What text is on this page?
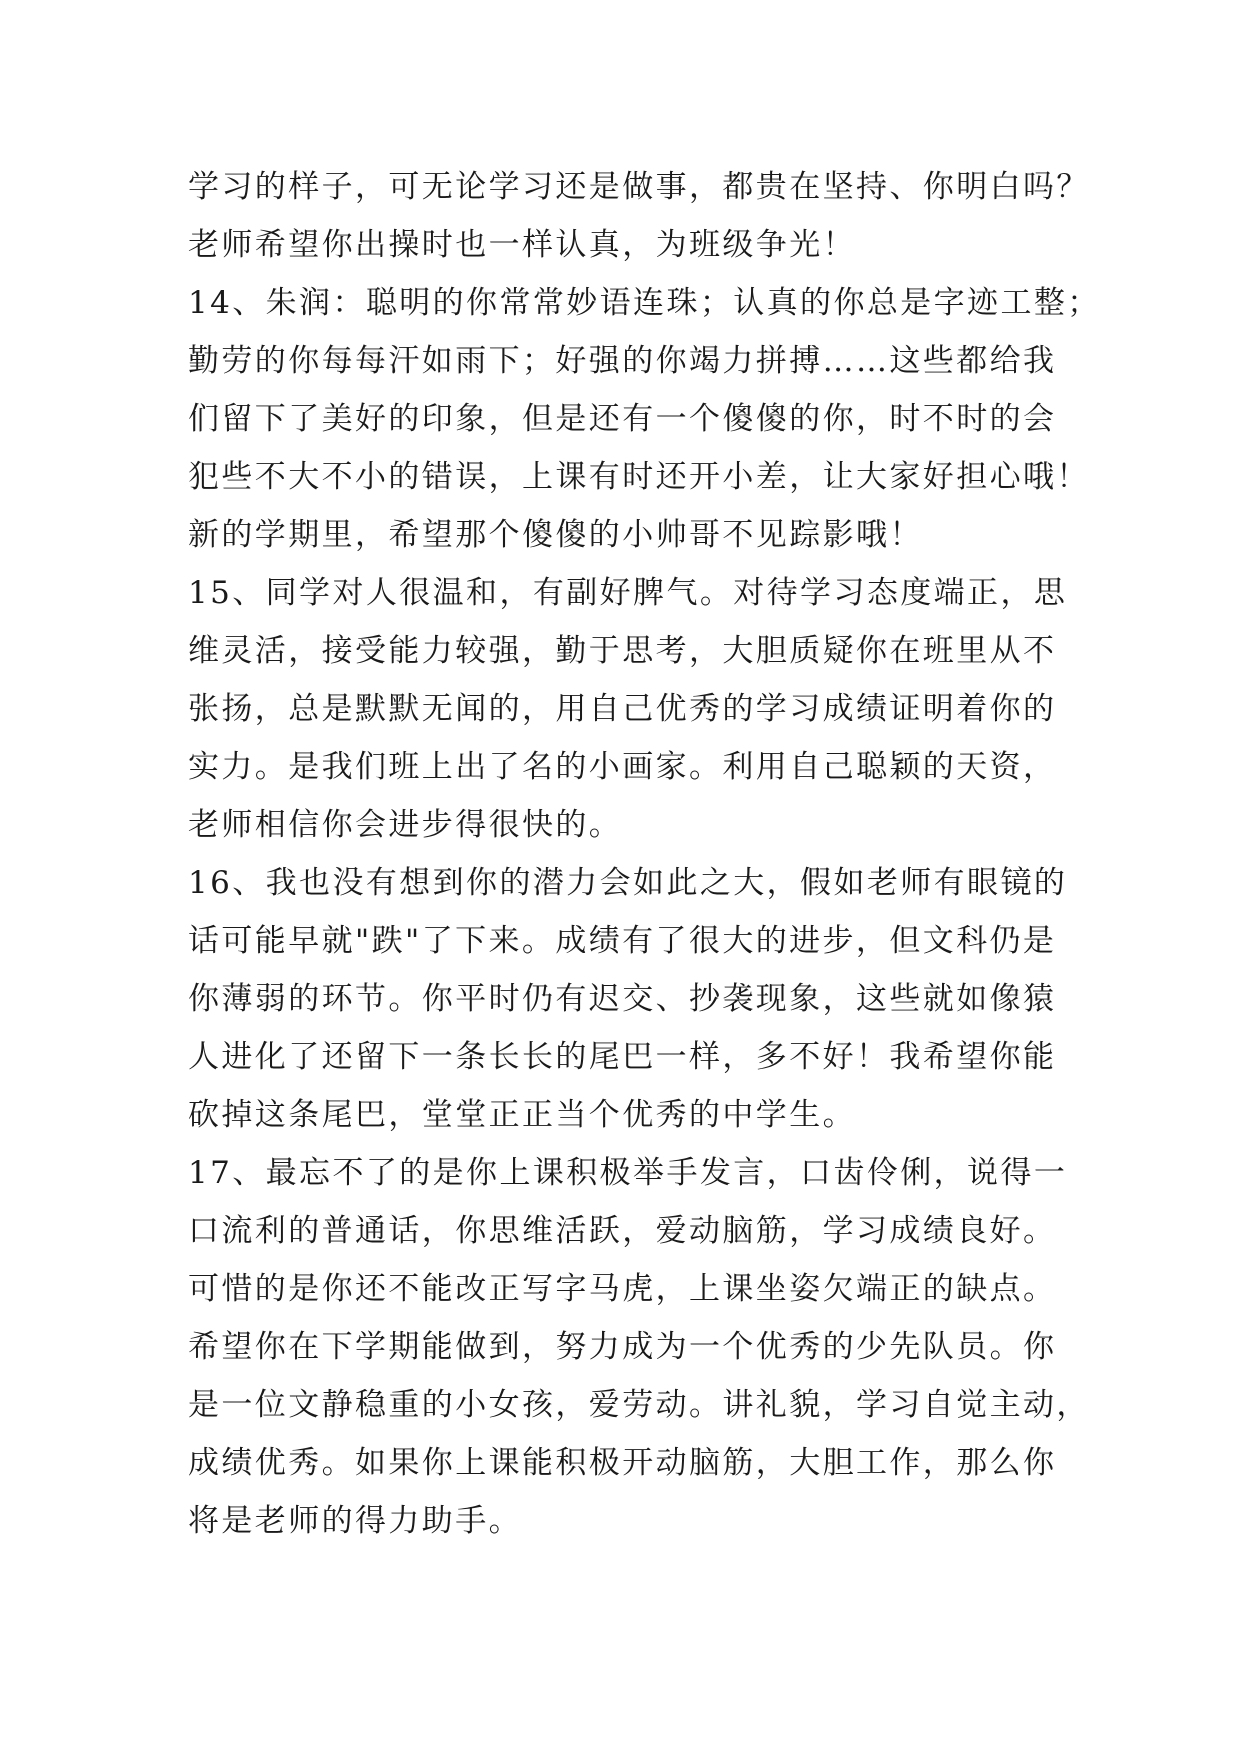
学习的样子，可无论学习还是做事，都贵在坚持、你明白吗？
老师希望你出操时也一样认真，为班级争光！
14、朱润：聪明的你常常妙语连珠；认真的你总是字迹工整；
勤劳的你每每汗如雨下；好强的你竭力拼搏……这些都给我
们留下了美好的印象，但是还有一个傻傻的你，时不时的会
犯些不大不小的错误，上课有时还开小差，让大家好担心哦！
新的学期里，希望那个傻傻的小帅哥不见踪影哦！
15、同学对人很温和，有副好脾气。对待学习态度端正，思
维灵活，接受能力较强，勤于思考，大胆质疑你在班里从不
张扬，总是默默无闻的，用自己优秀的学习成绩证明着你的
实力。是我们班上出了名的小画家。利用自己聪颖的天资，
老师相信你会进步得很快的。
16、我也没有想到你的潜力会如此之大，假如老师有眼镜的
话可能早就"跌"了下来。成绩有了很大的进步，但文科仍是
你薄弱的环节。你平时仍有迟交、抄袭现象，这些就如像猿
人进化了还留下一条长长的尾巴一样，多不好！我希望你能
砍掉这条尾巴，堂堂正正当个优秀的中学生。
17、最忘不了的是你上课积极举手发言，口齿伶俐，说得一
口流利的普通话，你思维活跃，爱动脑筋，学习成绩良好。
可惜的是你还不能改正写字马虎，上课坐姿欠端正的缺点。
希望你在下学期能做到，努力成为一个优秀的少先队员。你
是一位文静稳重的小女孩，爱劳动。讲礼貌，学习自觉主动，
成绩优秀。如果你上课能积极开动脑筋，大胆工作，那么你
将是老师的得力助手。
